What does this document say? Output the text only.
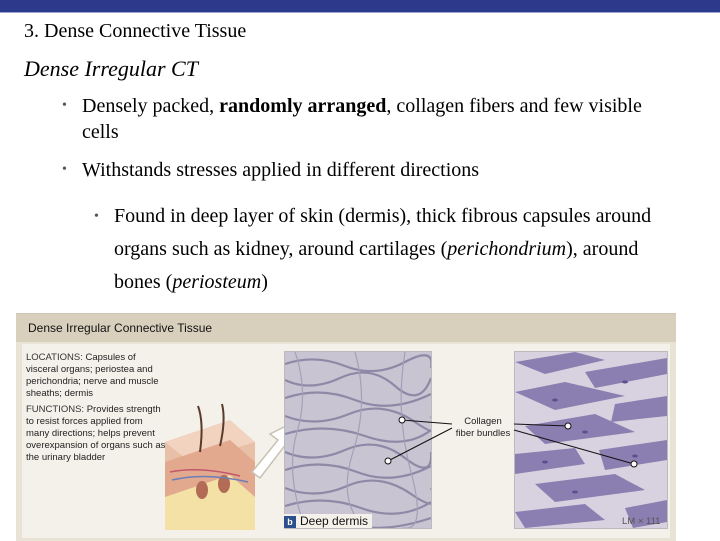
3. Dense Connective Tissue
Dense Irregular CT
• Densely packed, randomly arranged, collagen fibers and few visible cells
• Withstands stresses applied in different directions
• Found in deep layer of skin (dermis), thick fibrous capsules around organs such as kidney, around cartilages (perichondrium), around bones (periosteum)
Dense Irregular Connective Tissue
LOCATIONS: Capsules of visceral organs; periostea and perichondria; nerve and muscle sheaths; dermis
FUNCTIONS: Provides strength to resist forces applied from many directions; helps prevent overexpansion of organs such as the urinary bladder
Collagen fiber bundles
b Deep dermis	LM × 111
